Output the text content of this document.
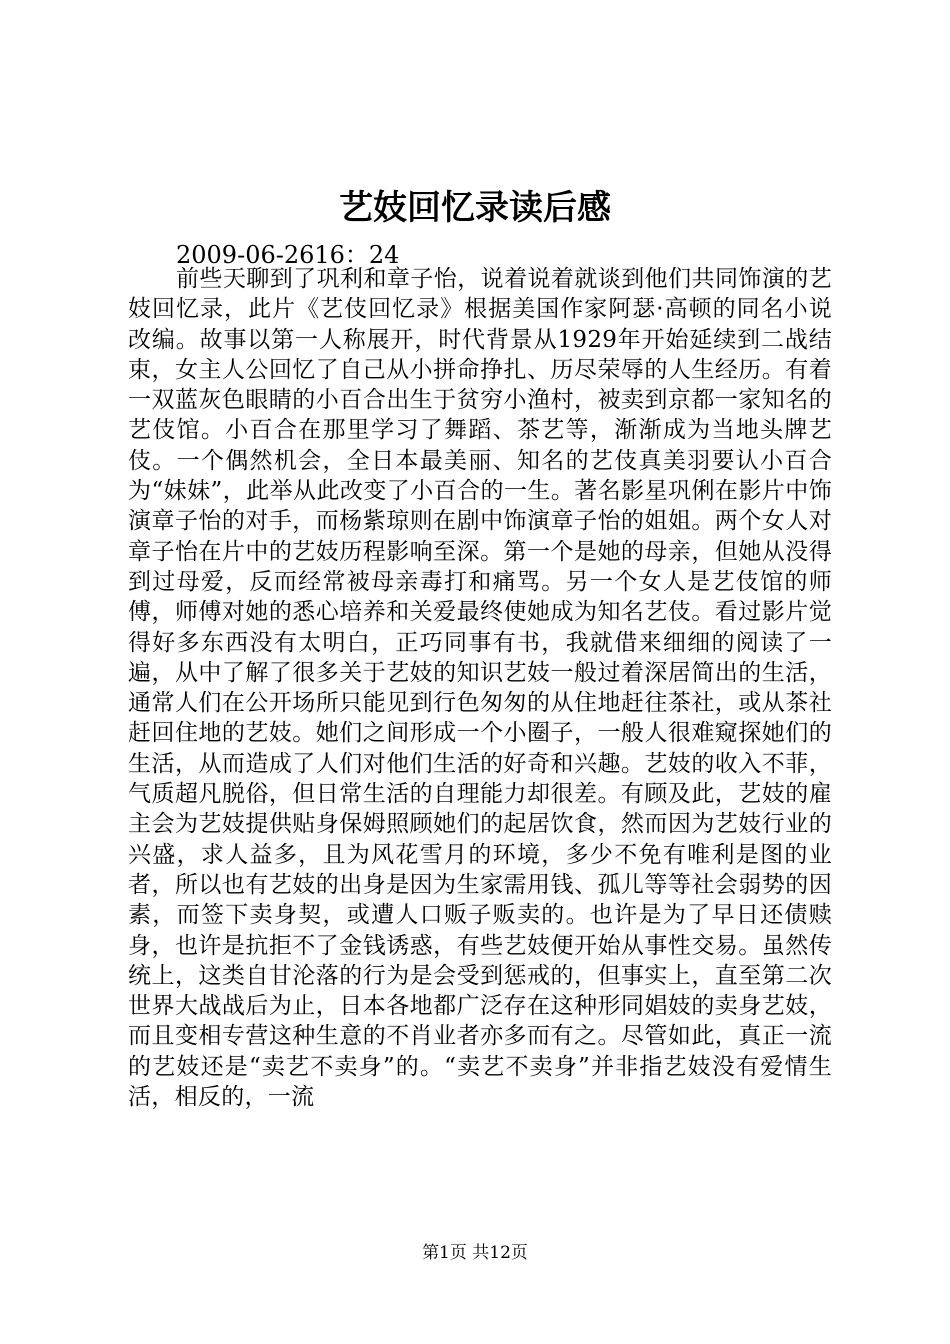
艺妓回忆录读后感

2009-06-2616：24

前些天聊到了巩利和章子怡，说着说着就谈到他们共同饰演的艺妓回忆录，此片《艺伎回忆录》根据美国作家阿瑟·高顿的同名小说改编。故事以第一人称展开，时代背景从1929年开始延续到二战结束，女主人公回忆了自己从小拼命挣扎、历尽荣辱的人生经历。有着一双蓝灰色眼睛的小百合出生于贫穷小渔村，被卖到京都一家知名的艺伎馆。小百合在那里学习了舞蹈、茶艺等，渐渐成为当地头牌艺伎。一个偶然机会，全日本最美丽、知名的艺伎真美羽要认小百合为“妹妹”，此举从此改变了小百合的一生。著名影星巩俐在影片中饰演章子怡的对手，而杨紫琼则在剧中饰演章子怡的姐姐。两个女人对章子怡在片中的艺妓历程影响至深。第一个是她的母亲，但她从没得到过母爱，反而经常被母亲毒打和痛骂。另一个女人是艺伎馆的师傅，师傅对她的悉心培养和关爱最终使她成为知名艺伎。看过影片觉得好多东西没有太明白，正巧同事有书，我就借来细细的阅读了一遍，从中了解了很多关于艺妓的知识艺妓一般过着深居简出的生活，通常人们在公开场所只能见到行色匆匆的从住地赶往茶社，或从茶社赶回住地的艺妓。她们之间形成一个小圈子，一般人很难窥探她们的生活，从而造成了人们对他们生活的好奇和兴趣。艺妓的收入不菲，气质超凡脱俗，但日常生活的自理能力却很差。有顾及此，艺妓的雇主会为艺妓提供贴身保姆照顾她们的起居饮食，然而因为艺妓行业的兴盛，求人益多，且为风花雪月的环境，多少不免有唯利是图的业者，所以也有艺妓的出身是因为生家需用钱、孤儿等等社会弱势的因素，而签下卖身契，或遭人口贩子贩卖的。也许是为了早日还债赎身，也许是抗拒不了金钱诱惑，有些艺妓便开始从事性交易。虽然传统上，这类自甘沦落的行为是会受到惩戒的，但事实上，直至第二次世界大战战后为止，日本各地都广泛存在这种形同娼妓的卖身艺妓，而且变相专营这种生意的不肖业者亦多而有之。尽管如此，真正一流的艺妓还是“卖艺不卖身”的。“卖艺不卖身”并非指艺妓没有爱情生活，相反的，一流

第1页 共12页
